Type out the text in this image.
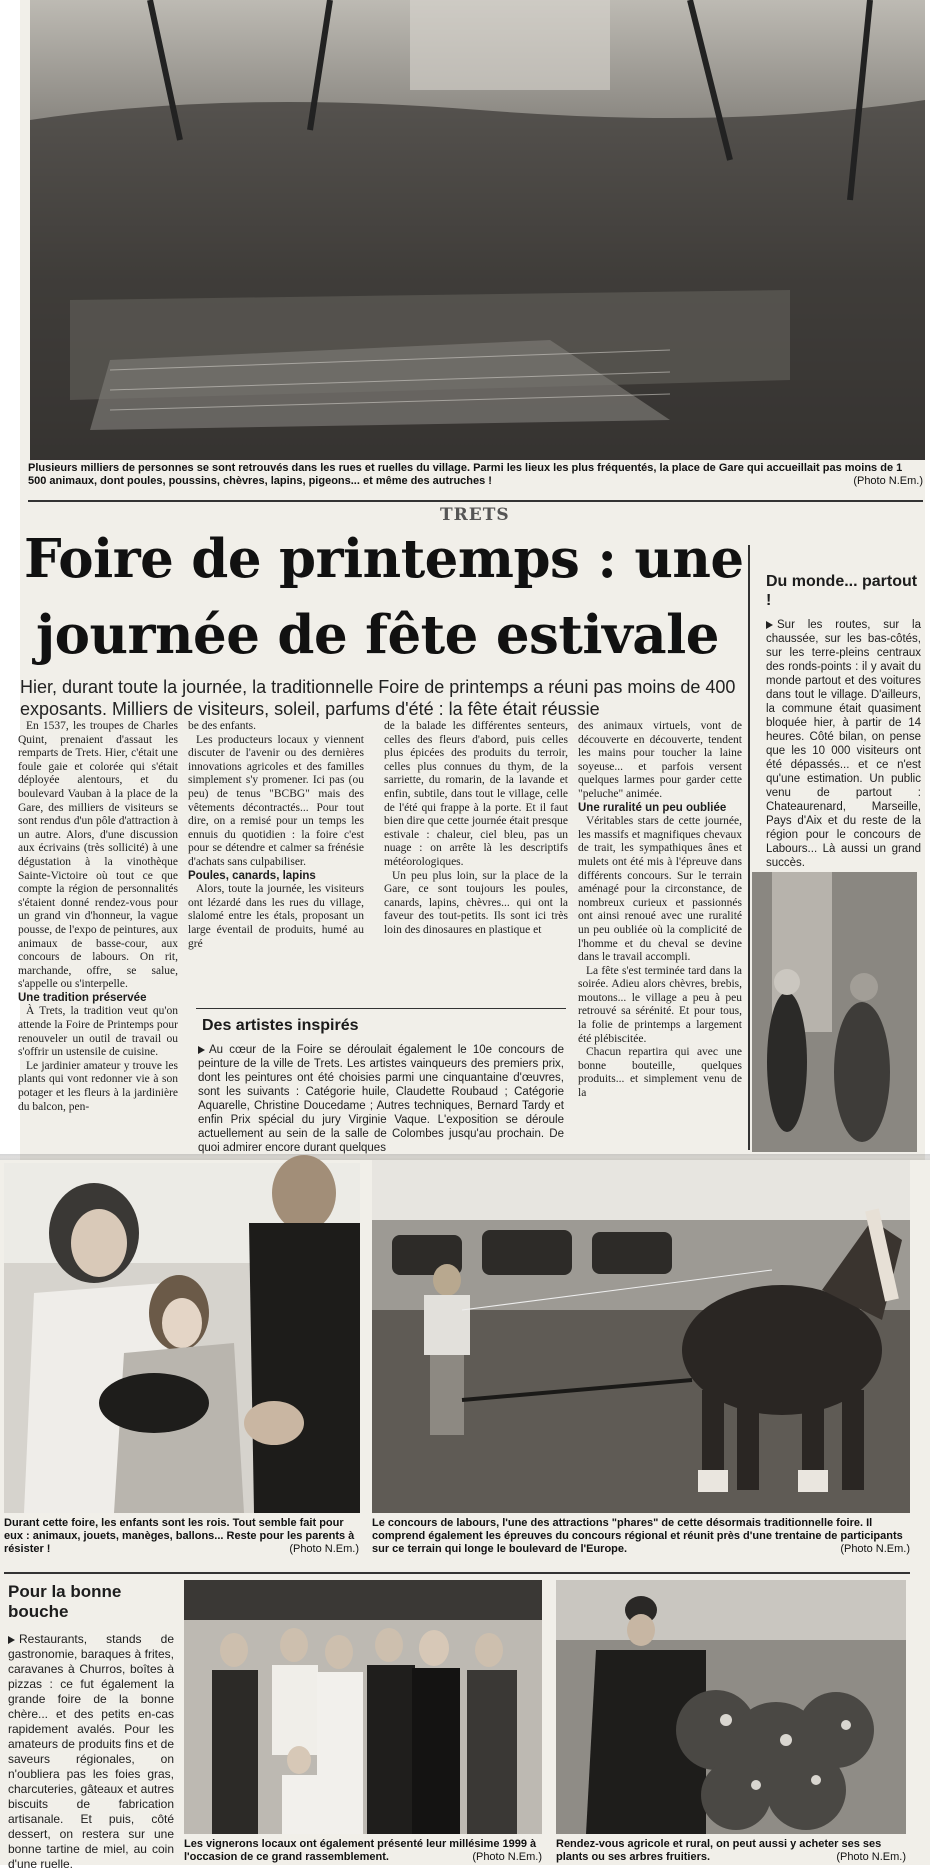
Plusieurs milliers de personnes se sont retrouvés dans les rues et ruelles du village. Parmi les lieux les plus fréquentés, la place de Gare qui accueillait pas moins de 1 500 animaux, dont poules, poussins, chèvres, lapins, pigeons... et même des autruches !	(Photo N.Em.)
TRETS
Foire de printemps : une
journée de fête estivale
Hier, durant toute la journée, la traditionnelle Foire de printemps a réuni pas moins de 400 exposants. Milliers de visiteurs, soleil, parfums d'été : la fête était réussie
Du monde... partout !
Sur les routes, sur la chaussée, sur les bas-côtés, sur les terre-pleins centraux des ronds-points : il y avait du monde partout et des voitures dans tout le village. D'ailleurs, la commune était quasiment bloquée hier, à partir de 14 heures. Côté bilan, on pense que les 10 000 visiteurs ont été dépassés... et ce n'est qu'une estimation. Un public venu de partout : Chateaurenard, Marseille, Pays d'Aix et du reste de la région pour le concours de Labours... Là aussi un grand succès.

En 1537, les troupes de Charles Quint, prenaient d'assaut les remparts de Trets. Hier, c'était une foule gaie et colorée qui s'était déployée alentours, et du boulevard Vauban à la place de la Gare, des milliers de visiteurs se sont rendus d'un pôle d'attraction à un autre. Alors, d'une discussion aux écrivains (très sollicité) à une dégustation à la vinothèque Sainte-Victoire où tout ce que compte la région de personnalités s'étaient donné rendez-vous pour un grand vin d'honneur, la vague pousse, de l'expo de peintures, aux animaux de basse-cour, aux concours de labours. On rit, marchande, offre, se salue, s'appelle ou s'interpelle.

Une tradition préservée

À Trets, la tradition veut qu'on attende la Foire de Printemps pour renouveler un outil de travail ou s'offrir un ustensile de cuisine.

Le jardinier amateur y trouve les plants qui vont redonner vie à son potager et les fleurs à la jardinière du balcon, pen-

be des enfants.

Les producteurs locaux y viennent discuter de l'avenir ou des dernières innovations agricoles et des familles simplement s'y promener. Ici pas (ou peu) de tenus "BCBG" mais des vêtements décontractés... Pour tout dire, on a remisé pour un temps les ennuis du quotidien : la foire c'est pour se détendre et calmer sa frénésie d'achats sans culpabiliser.

Poules, canards, lapins

Alors, toute la journée, les visiteurs ont lézardé dans les rues du village, slalomé entre les étals, proposant un large éventail de produits, humé au gré

de la balade les différentes senteurs, celles des fleurs d'abord, puis celles plus épicées des produits du terroir, celles plus connues du thym, de la sarriette, du romarin, de la lavande et enfin, subtile, dans tout le village, celle de l'été qui frappe à la porte. Et il faut bien dire que cette journée était presque estivale : chaleur, ciel bleu, pas un nuage : on arrête là les descriptifs météorologiques.

Un peu plus loin, sur la place de la Gare, ce sont toujours les poules, canards, lapins, chèvres... qui ont la faveur des tout-petits. Ils sont ici très loin des dinosaures en plastique et

des animaux virtuels, vont de découverte en découverte, tendent les mains pour toucher la laine soyeuse... et parfois versent quelques larmes pour garder cette "peluche" animée.

Une ruralité un peu oubliée

Véritables stars de cette journée, les massifs et magnifiques chevaux de trait, les sympathiques ânes et mulets ont été mis à l'épreuve dans différents concours. Sur le terrain aménagé pour la circonstance, de nombreux curieux et passionnés ont ainsi renoué avec une ruralité un peu oubliée où la complicité de l'homme et du cheval se devine dans le travail accompli.

La fête s'est terminée tard dans la soirée. Adieu alors chèvres, brebis, moutons... le village a peu à peu retrouvé sa sérénité. Et pour tous, la folie de printemps a largement été plébiscitée.

Chacun repartira qui avec une bonne bouteille, quelques produits... et simplement venu de la

Des artistes inspirés
Au cœur de la Foire se déroulait également le 10e concours de peinture de la ville de Trets. Les artistes vainqueurs des premiers prix, dont les peintures ont été choisies parmi une cinquantaine d'œuvres, sont les suivants : Catégorie huile, Claudette Roubaud ; Catégorie Aquarelle, Christine Doucedame ; Autres techniques, Bernard Tardy et enfin Prix spécial du jury Virginie Vaque. L'exposition se déroule actuellement au sein de la salle de Colombes jusqu'au prochain. De quoi admirer encore durant quelques
Durant cette foire, les enfants sont les rois. Tout semble fait pour eux : animaux, jouets, manèges, ballons... Reste pour les parents à résister !	(Photo N.Em.)
Le concours de labours, l'une des attractions "phares" de cette désormais traditionnelle foire. Il comprend également les épreuves du concours régional et réunit près d'une trentaine de participants sur ce terrain qui longe le boulevard de l'Europe.	(Photo N.Em.)
Pour la bonne bouche
Restaurants, stands de gastronomie, baraques à frites, caravanes à Churros, boîtes à pizzas : ce fut également la grande foire de la bonne chère... et des petits en-cas rapidement avalés. Pour les amateurs de produits fins et de saveurs régionales, on n'oubliera pas les foies gras, charcuteries, gâteaux et autres biscuits de fabrication artisanale. Et puis, côté dessert, on restera sur une bonne tartine de miel, au coin d'une ruelle.
Les vignerons locaux ont également présenté leur millésime 1999 à l'occasion de ce grand rassemblement.	(Photo N.Em.)
Rendez-vous agricole et rural, on peut aussi y acheter ses ses plants ou ses arbres fruitiers.	(Photo N.Em.)
